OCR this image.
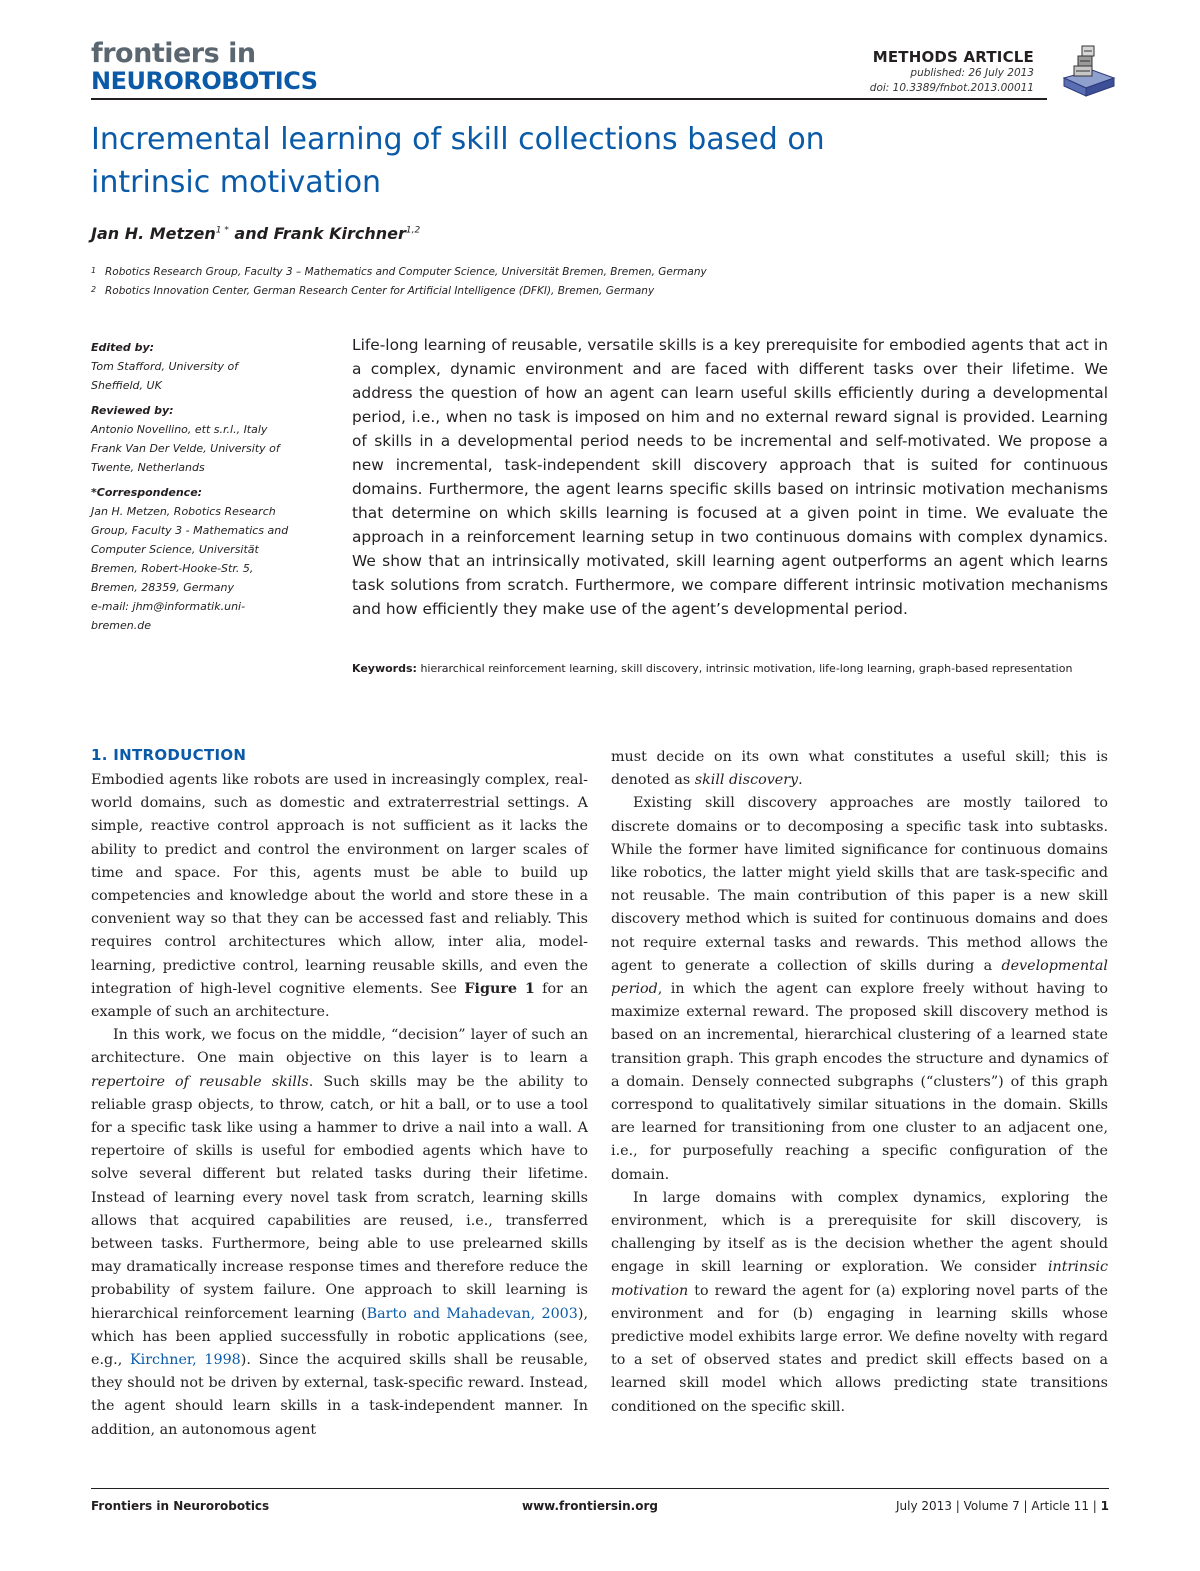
frontiers in
NEUROROBOTICS
METHODS ARTICLE
published: 26 July 2013
doi: 10.3389/fnbot.2013.00011
Incremental learning of skill collections based on
intrinsic motivation
Jan H. Metzen$^{1 *}$ and Frank Kirchner$^{1,2}$
1 Robotics Research Group, Faculty 3 – Mathematics and Computer Science, Universität Bremen, Bremen, Germany
2 Robotics Innovation Center, German Research Center for Artificial Intelligence (DFKI), Bremen, Germany
Edited by:
Tom Stafford, University of
Sheffield, UK
Reviewed by:
Antonio Novellino, ett s.r.l., Italy
Frank Van Der Velde, University of
Twente, Netherlands
*Correspondence:
Jan H. Metzen, Robotics Research
Group, Faculty 3 - Mathematics and
Computer Science, Universität
Bremen, Robert-Hooke-Str. 5,
Bremen, 28359, Germany
e-mail: jhm@informatik.uni-
bremen.de
Life-long learning of reusable, versatile skills is a key prerequisite for embodied agents that act in a complex, dynamic environment and are faced with different tasks over their lifetime. We address the question of how an agent can learn useful skills efficiently during a developmental period, i.e., when no task is imposed on him and no external reward signal is provided. Learning of skills in a developmental period needs to be incremental and self-motivated. We propose a new incremental, task-independent skill discovery approach that is suited for continuous domains. Furthermore, the agent learns specific skills based on intrinsic motivation mechanisms that determine on which skills learning is focused at a given point in time. We evaluate the approach in a reinforcement learning setup in two continuous domains with complex dynamics. We show that an intrinsically motivated, skill learning agent outperforms an agent which learns task solutions from scratch. Furthermore, we compare different intrinsic motivation mechanisms and how efficiently they make use of the agent’s developmental period.
Keywords: hierarchical reinforcement learning, skill discovery, intrinsic motivation, life-long learning, graph-based representation
1. INTRODUCTION

Embodied agents like robots are used in increasingly complex, real-world domains, such as domestic and extraterrestrial settings. A simple, reactive control approach is not sufficient as it lacks the ability to predict and control the environment on larger scales of time and space. For this, agents must be able to build up competencies and knowledge about the world and store these in a convenient way so that they can be accessed fast and reliably. This requires control architectures which allow, inter alia, model-learning, predictive control, learning reusable skills, and even the integration of high-level cognitive elements. See Figure 1 for an example of such an architecture.

In this work, we focus on the middle, “decision” layer of such an architecture. One main objective on this layer is to learn a repertoire of reusable skills. Such skills may be the ability to reliable grasp objects, to throw, catch, or hit a ball, or to use a tool for a specific task like using a hammer to drive a nail into a wall. A repertoire of skills is useful for embodied agents which have to solve several different but related tasks during their lifetime. Instead of learning every novel task from scratch, learning skills allows that acquired capabilities are reused, i.e., transferred between tasks. Furthermore, being able to use prelearned skills may dramatically increase response times and therefore reduce the probability of system failure. One approach to skill learning is hierarchical reinforcement learning (Barto and Mahadevan, 2003), which has been applied successfully in robotic applications (see, e.g., Kirchner, 1998). Since the acquired skills shall be reusable, they should not be driven by external, task-specific reward. Instead, the agent should learn skills in a task-independent manner. In addition, an autonomous agent

must decide on its own what constitutes a useful skill; this is denoted as skill discovery.

Existing skill discovery approaches are mostly tailored to discrete domains or to decomposing a specific task into subtasks. While the former have limited significance for continuous domains like robotics, the latter might yield skills that are task-specific and not reusable. The main contribution of this paper is a new skill discovery method which is suited for continuous domains and does not require external tasks and rewards. This method allows the agent to generate a collection of skills during a developmental period, in which the agent can explore freely without having to maximize external reward. The proposed skill discovery method is based on an incremental, hierarchical clustering of a learned state transition graph. This graph encodes the structure and dynamics of a domain. Densely connected subgraphs (“clusters”) of this graph correspond to qualitatively similar situations in the domain. Skills are learned for transitioning from one cluster to an adjacent one, i.e., for purposefully reaching a specific configuration of the domain.

In large domains with complex dynamics, exploring the environment, which is a prerequisite for skill discovery, is challenging by itself as is the decision whether the agent should engage in skill learning or exploration. We consider intrinsic motivation to reward the agent for (a) exploring novel parts of the environment and for (b) engaging in learning skills whose predictive model exhibits large error. We define novelty with regard to a set of observed states and predict skill effects based on a learned skill model which allows predicting state transitions conditioned on the specific skill.

Frontiers in Neurorobotics	www.frontiersin.org	July 2013 | Volume 7 | Article 11 | 1
